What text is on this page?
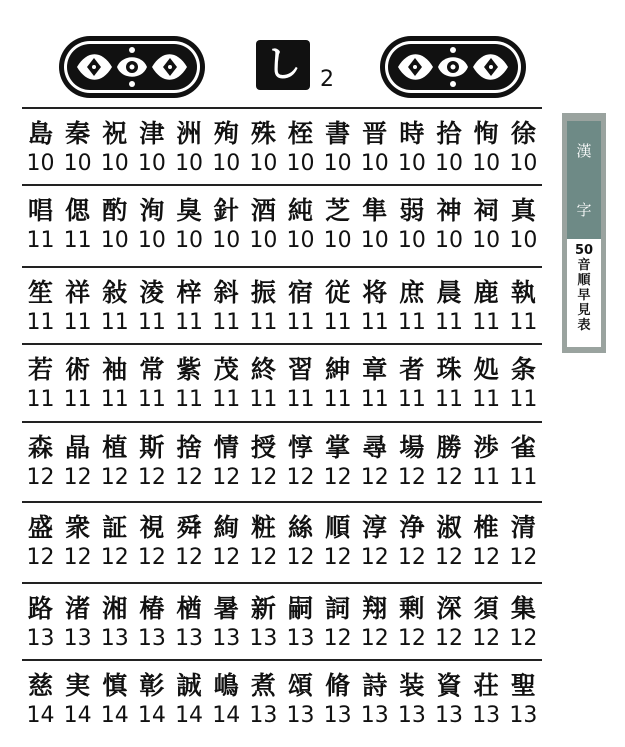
し 2
島 秦 祝 津 洲 殉 殊 桎 書 晋 時 拾 恂 徐
10 10 10 10 10 10 10 10 10 10 10 10 10 10
唱 偲 酌 洵 臭 針 酒 純 芝 隼 弱 神 祠 真
11 11 10 10 10 10 10 10 10 10 10 10 10 10
笙 祥 敍 淩 梓 斜 振 宿 従 将 庶 晨 鹿 執
11 11 11 11 11 11 11 11 11 11 11 11 11 11
若 術 袖 常 紫 茂 終 習 紳 章 者 珠 処 条
11 11 11 11 11 11 11 11 11 11 11 11 11 11
森 晶 植 斯 捨 情 授 惇 掌 尋 場 勝 渉 雀
12 12 12 12 12 12 12 12 12 12 12 12 11 11
盛 衆 証 視 舜 絢 粧 絲 順 淳 浄 淑 椎 清
12 12 12 12 12 12 12 12 12 12 12 12 12 12
路 渚 湘 椿 楢 暑 新 嗣 詞 翔 剰 深 須 集
13 13 13 13 13 13 13 13 12 12 12 12 12 12
慈 実 慎 彰 誠 嶋 煮 頌 脩 詩 装 資 荘 聖
14 14 14 14 14 14 13 13 13 13 13 13 13 13
漢
字
50
音
順
早
見
表
